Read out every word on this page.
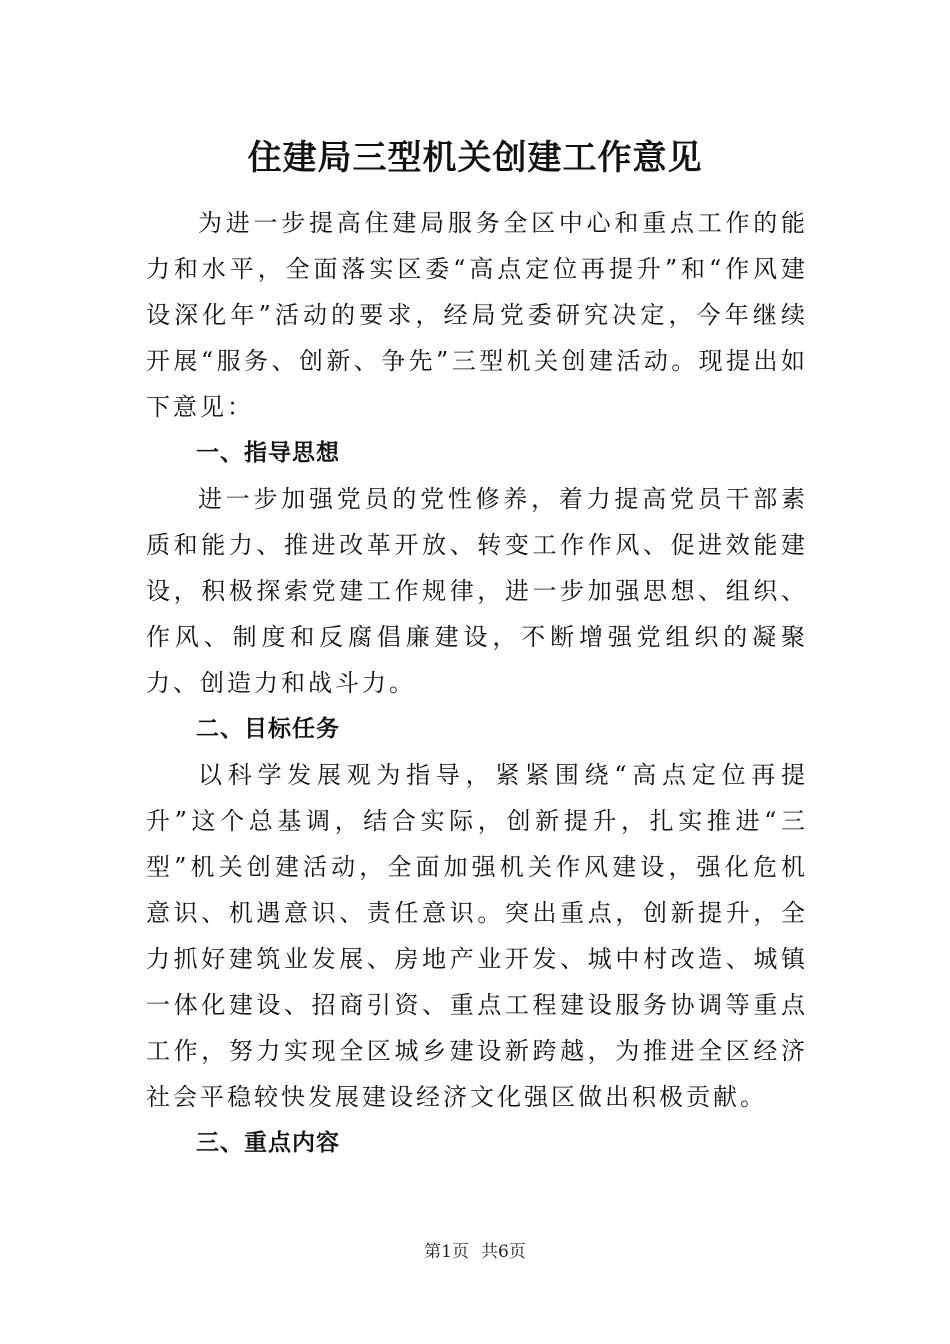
住建局三型机关创建工作意见

为进一步提高住建局服务全区中心和重点工作的能力和水平，全面落实区委“高点定位再提升”和“作风建设深化年”活动的要求，经局党委研究决定，今年继续开展“服务、创新、争先”三型机关创建活动。现提出如下意见：

一、指导思想

进一步加强党员的党性修养，着力提高党员干部素质和能力、推进改革开放、转变工作作风、促进效能建设，积极探索党建工作规律，进一步加强思想、组织、作风、制度和反腐倡廉建设，不断增强党组织的凝聚力、创造力和战斗力。

二、目标任务

以科学发展观为指导，紧紧围绕“高点定位再提升”这个总基调，结合实际，创新提升，扎实推进“三型”机关创建活动，全面加强机关作风建设，强化危机意识、机遇意识、责任意识。突出重点，创新提升，全力抓好建筑业发展、房地产业开发、城中村改造、城镇一体化建设、招商引资、重点工程建设服务协调等重点工作，努力实现全区城乡建设新跨越，为推进全区经济社会平稳较快发展建设经济文化强区做出积极贡献。

三、重点内容
第1页 共6页
